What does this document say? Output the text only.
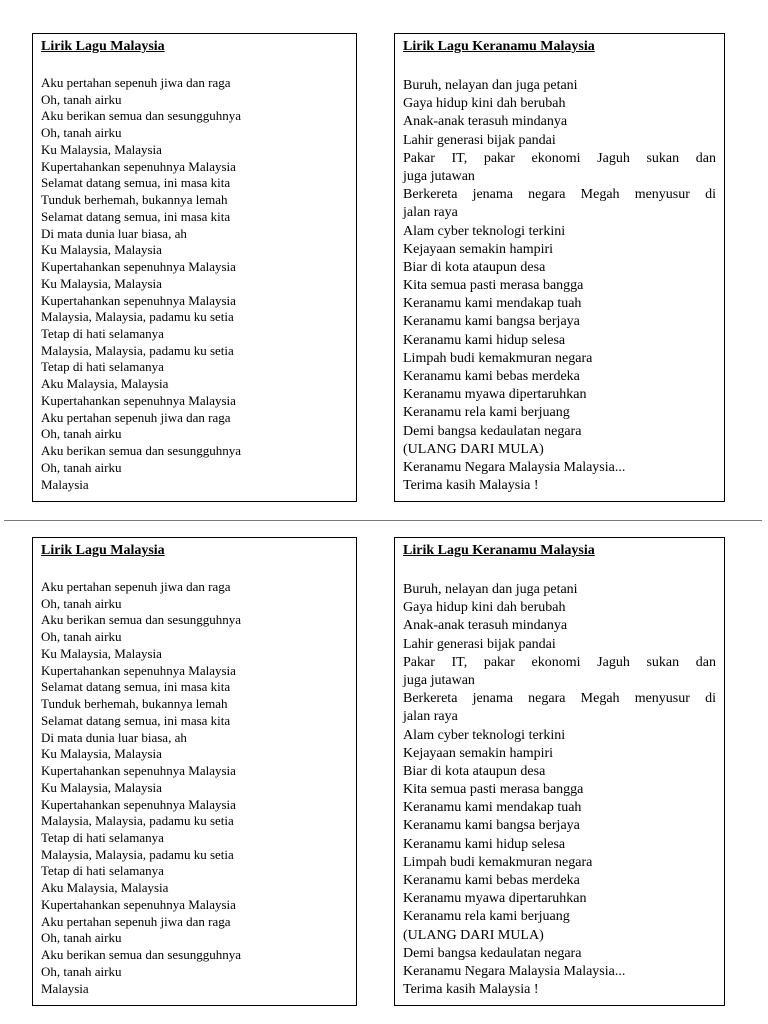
Lirik Lagu Malaysia
Aku pertahan sepenuh jiwa dan raga
Oh, tanah airku
Aku berikan semua dan sesungguhnya
Oh, tanah airku
Ku Malaysia, Malaysia
Kupertahankan sepenuhnya Malaysia
Selamat datang semua, ini masa kita
Tunduk berhemah, bukannya lemah
Selamat datang semua, ini masa kita
Di mata dunia luar biasa, ah
Ku Malaysia, Malaysia
Kupertahankan sepenuhnya Malaysia
Ku Malaysia, Malaysia
Kupertahankan sepenuhnya Malaysia
Malaysia, Malaysia, padamu ku setia
Tetap di hati selamanya
Malaysia, Malaysia, padamu ku setia
Tetap di hati selamanya
Aku Malaysia, Malaysia
Kupertahankan sepenuhnya Malaysia
Aku pertahan sepenuh jiwa dan raga
Oh, tanah airku
Aku berikan semua dan sesungguhnya
Oh, tanah airku
Malaysia
Lirik Lagu Keranamu Malaysia
Buruh, nelayan dan juga petani
Gaya hidup kini dah berubah
Anak-anak terasuh mindanya
Lahir generasi bijak pandai
Pakar IT, pakar ekonomi Jaguh sukan dan
juga jutawan
Berkereta jenama negara Megah menyusur di
jalan raya
Alam cyber teknologi terkini
Kejayaan semakin hampiri
Biar di kota ataupun desa
Kita semua pasti merasa bangga
Keranamu kami mendakap tuah
Keranamu kami bangsa berjaya
Keranamu kami hidup selesa
Limpah budi kemakmuran negara
Keranamu kami bebas merdeka
Keranamu myawa dipertaruhkan
Keranamu rela kami berjuang
Demi bangsa kedaulatan negara
(ULANG DARI MULA)
Keranamu Negara Malaysia Malaysia...
Terima kasih Malaysia !
Lirik Lagu Malaysia
Aku pertahan sepenuh jiwa dan raga
Oh, tanah airku
Aku berikan semua dan sesungguhnya
Oh, tanah airku
Ku Malaysia, Malaysia
Kupertahankan sepenuhnya Malaysia
Selamat datang semua, ini masa kita
Tunduk berhemah, bukannya lemah
Selamat datang semua, ini masa kita
Di mata dunia luar biasa, ah
Ku Malaysia, Malaysia
Kupertahankan sepenuhnya Malaysia
Ku Malaysia, Malaysia
Kupertahankan sepenuhnya Malaysia
Malaysia, Malaysia, padamu ku setia
Tetap di hati selamanya
Malaysia, Malaysia, padamu ku setia
Tetap di hati selamanya
Aku Malaysia, Malaysia
Kupertahankan sepenuhnya Malaysia
Aku pertahan sepenuh jiwa dan raga
Oh, tanah airku
Aku berikan semua dan sesungguhnya
Oh, tanah airku
Malaysia
Lirik Lagu Keranamu Malaysia
Buruh, nelayan dan juga petani
Gaya hidup kini dah berubah
Anak-anak terasuh mindanya
Lahir generasi bijak pandai
Pakar IT, pakar ekonomi Jaguh sukan dan
juga jutawan
Berkereta jenama negara Megah menyusur di
jalan raya
Alam cyber teknologi terkini
Kejayaan semakin hampiri
Biar di kota ataupun desa
Kita semua pasti merasa bangga
Keranamu kami mendakap tuah
Keranamu kami bangsa berjaya
Keranamu kami hidup selesa
Limpah budi kemakmuran negara
Keranamu kami bebas merdeka
Keranamu myawa dipertaruhkan
Keranamu rela kami berjuang
(ULANG DARI MULA)
Demi bangsa kedaulatan negara
Keranamu Negara Malaysia Malaysia...
Terima kasih Malaysia !
